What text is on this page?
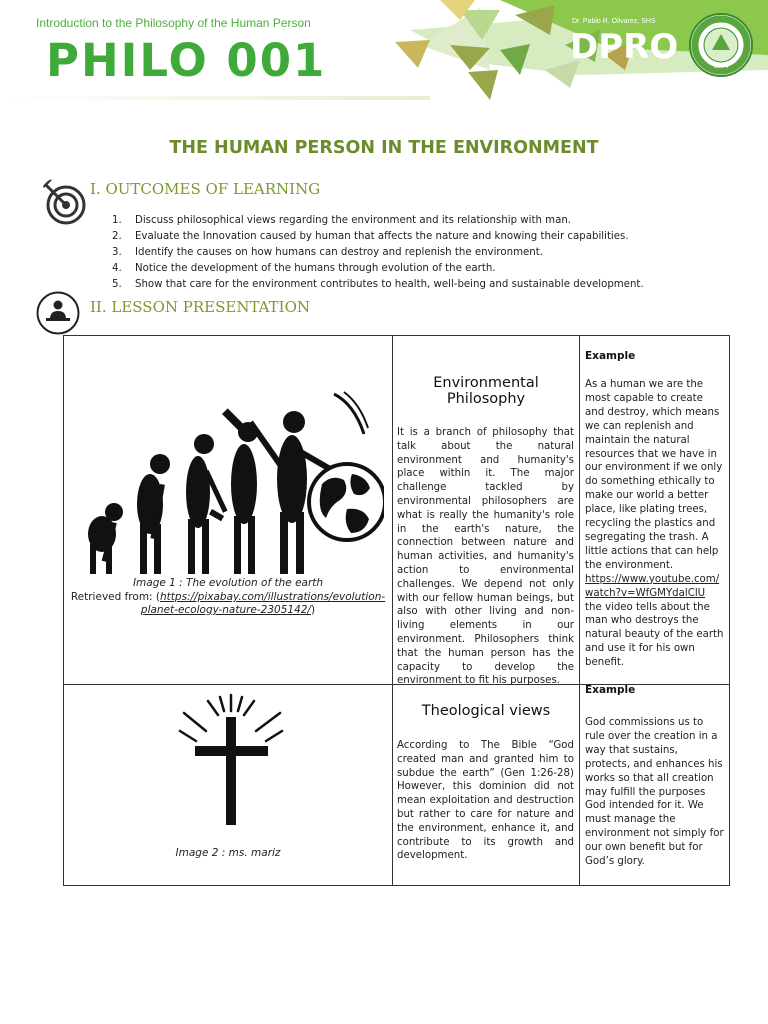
Introduction to the Philosophy of the Human Person
PHILO 001
Dr. Pablo R. Olivarez, SHS
DPRO	1974
THE HUMAN PERSON IN THE ENVIRONMENT
I. OUTCOMES OF LEARNING
1. Discuss philosophical views regarding the environment and its relationship with man.
2. Evaluate the Innovation caused by human that affects the nature and knowing their capabilities.
3. Identify the causes on how humans can destroy and replenish the environment.
4. Notice the development of the humans through evolution of the earth.
5. Show that care for the environment contributes to health, well-being and sustainable development.
II. LESSON PRESENTATION
Image 1 : The evolution of the earth
Retrieved from: (https://pixabay.com/illustrations/evolution-
planet-ecology-nature-2305142/)
Environmental Philosophy
It is a branch of philosophy that talk about the natural environment and humanity's place within it. The major challenge tackled by environmental philosophers are what is really the humanity's role in the earth's nature, the connection between nature and human activities, and humanity's action to environmental challenges. We depend not only with our fellow human beings, but also with other living and non-living elements in our environment. Philosophers think that the human person has the capacity to develop the environment to fit his purposes.
Example
As a human we are the most capable to create and destroy, which means we can replenish and maintain the natural resources that we have in our environment if we only do something ethically to make our world a better place, like plating trees, recycling the plastics and segregating the trash. A little actions that can help the environment.
https://www.youtube.com/
watch?v=WfGMYdalClU
the video tells about the man who destroys the natural beauty of the earth and use it for his own benefit.
Image 2 : ms. mariz
Theological views
According to The Bible “God created man and granted him to subdue the earth” (Gen 1:26-28) However, this dominion did not mean exploitation and destruction but rather to care for nature and the environment, enhance it, and contribute to its growth and development.
Example
God commissions us to rule over the creation in a way that sustains, protects, and enhances his works so that all creation may fulfill the purposes God intended for it. We must manage the environment not simply for our own benefit but for God’s glory.
